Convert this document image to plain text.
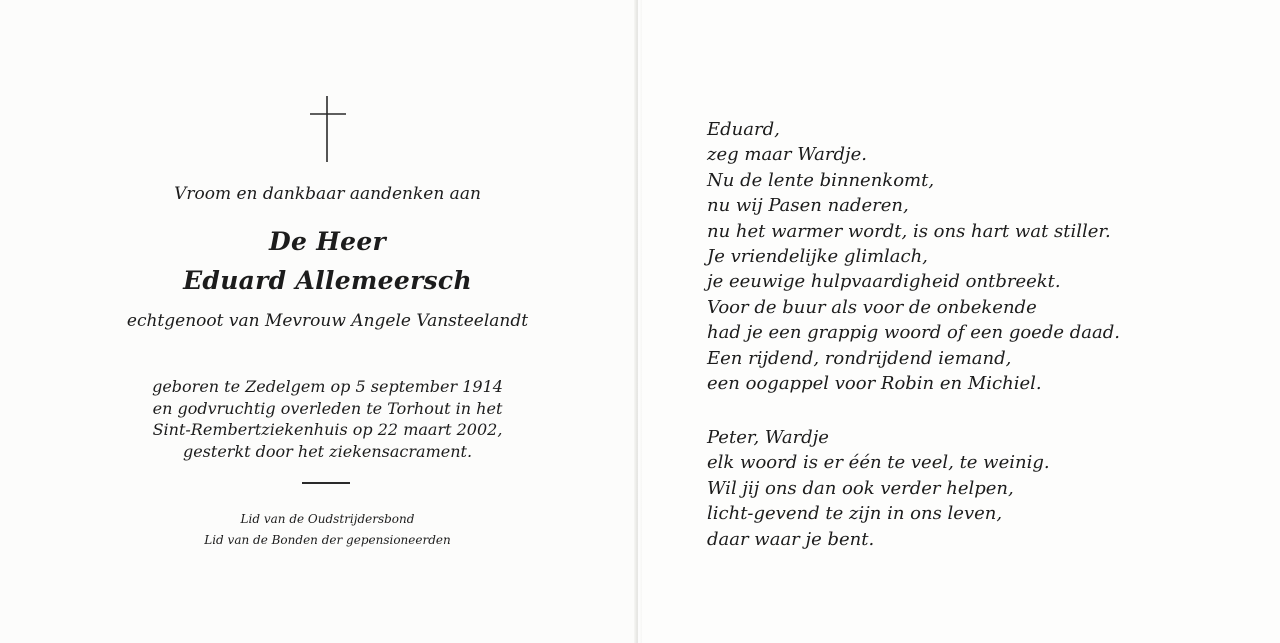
Vroom en dankbaar aandenken aan
De Heer
Eduard Allemeersch
echtgenoot van Mevrouw Angele Vansteelandt
geboren te Zedelgem op 5 september 1914
en godvruchtig overleden te Torhout in het
Sint-Rembertziekenhuis op 22 maart 2002,
gesterkt door het ziekensacrament.
Lid van de Oudstrijdersbond
Lid van de Bonden der gepensioneerden
Eduard,
zeg maar Wardje.
Nu de lente binnenkomt,
nu wij Pasen naderen,
nu het warmer wordt, is ons hart wat stiller.
Je vriendelijke glimlach,
je eeuwige hulpvaardigheid ontbreekt.
Voor de buur als voor de onbekende
had je een grappig woord of een goede daad.
Een rijdend, rondrijdend iemand,
een oogappel voor Robin en Michiel.
Peter, Wardje
elk woord is er één te veel, te weinig.
Wil jij ons dan ook verder helpen,
licht-gevend te zijn in ons leven,
daar waar je bent.
